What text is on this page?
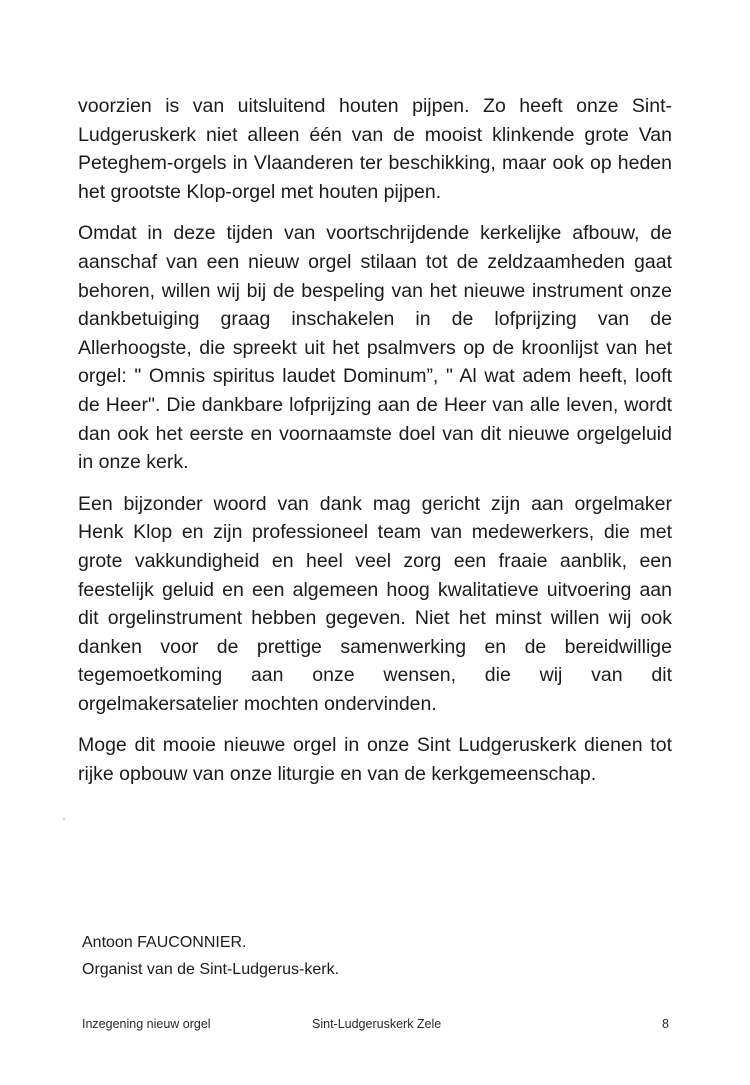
voorzien is van uitsluitend houten pijpen. Zo heeft onze Sint-Ludgeruskerk niet alleen één van de mooist klinkende grote Van Peteghem-orgels in Vlaanderen ter beschikking, maar ook op heden het grootste Klop-orgel met houten pijpen.

Omdat in deze tijden van voortschrijdende kerkelijke afbouw, de aanschaf van een nieuw orgel stilaan tot de zeldzaamheden gaat behoren, willen wij bij de bespeling van het nieuwe instrument onze dankbetuiging graag inschakelen in de lofprijzing van de Allerhoogste, die spreekt uit het psalmvers op de kroonlijst van het orgel: " Omnis spiritus laudet Dominum”, " Al wat adem heeft, looft de Heer". Die dankbare lofprijzing aan de Heer van alle leven, wordt dan ook het eerste en voornaamste doel van dit nieuwe orgelgeluid in onze kerk.

Een bijzonder woord van dank mag gericht zijn aan orgelmaker Henk Klop en zijn professioneel team van medewerkers, die met grote vakkundigheid en heel veel zorg een fraaie aanblik, een feestelijk geluid en een algemeen hoog kwalitatieve uitvoering aan dit orgelinstrument hebben gegeven. Niet het minst willen wij ook danken voor de prettige samenwerking en de bereidwillige tegemoetkoming aan onze wensen, die wij van dit orgelmakersatelier mochten ondervinden.

Moge dit mooie nieuwe orgel in onze Sint Ludgeruskerk dienen tot rijke opbouw van onze liturgie en van de kerkgemeenschap.

Antoon FAUCONNIER.
Organist van de Sint-Ludgerus-kerk.
Inzegening nieuw orgel	Sint-Ludgeruskerk Zele	8
